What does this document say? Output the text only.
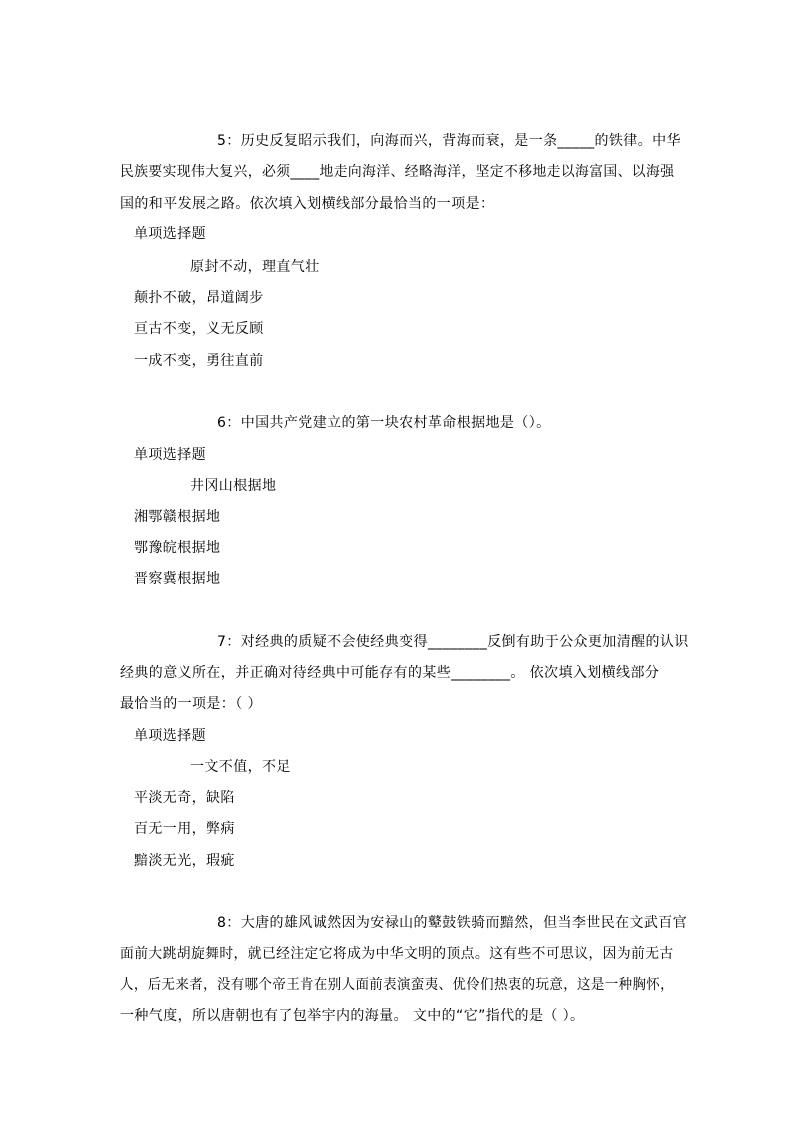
5：历史反复昭示我们，向海而兴，背海而衰，是一条_____的铁律。中华
民族要实现伟大复兴，必须____地走向海洋、经略海洋，坚定不移地走以海富国、以海强
国的和平发展之路。依次填入划横线部分最恰当的一项是：
单项选择题
原封不动，理直气壮
颠扑不破，昂道阔步
亘古不变，义无反顾
一成不变，勇往直前
6：中国共产党建立的第一块农村革命根据地是（）。
单项选择题
井冈山根据地
湘鄂赣根据地
鄂豫皖根据地
晋察冀根据地
7：对经典的质疑不会使经典变得________反倒有助于公众更加清醒的认识
经典的意义所在，并正确对待经典中可能存有的某些________。 依次填入划横线部分
最恰当的一项是：（ ）
单项选择题
一文不值，不足
平淡无奇，缺陷
百无一用，弊病
黯淡无光，瑕疵
8：大唐的雄风诚然因为安禄山的鼙鼓铁骑而黯然，但当李世民在文武百官
面前大跳胡旋舞时，就已经注定它将成为中华文明的顶点。这有些不可思议，因为前无古
人，后无来者，没有哪个帝王肯在别人面前表演蛮夷、优伶们热衷的玩意，这是一种胸怀，
一种气度，所以唐朝也有了包举宇内的海量。 文中的“它”指代的是（ ）。
